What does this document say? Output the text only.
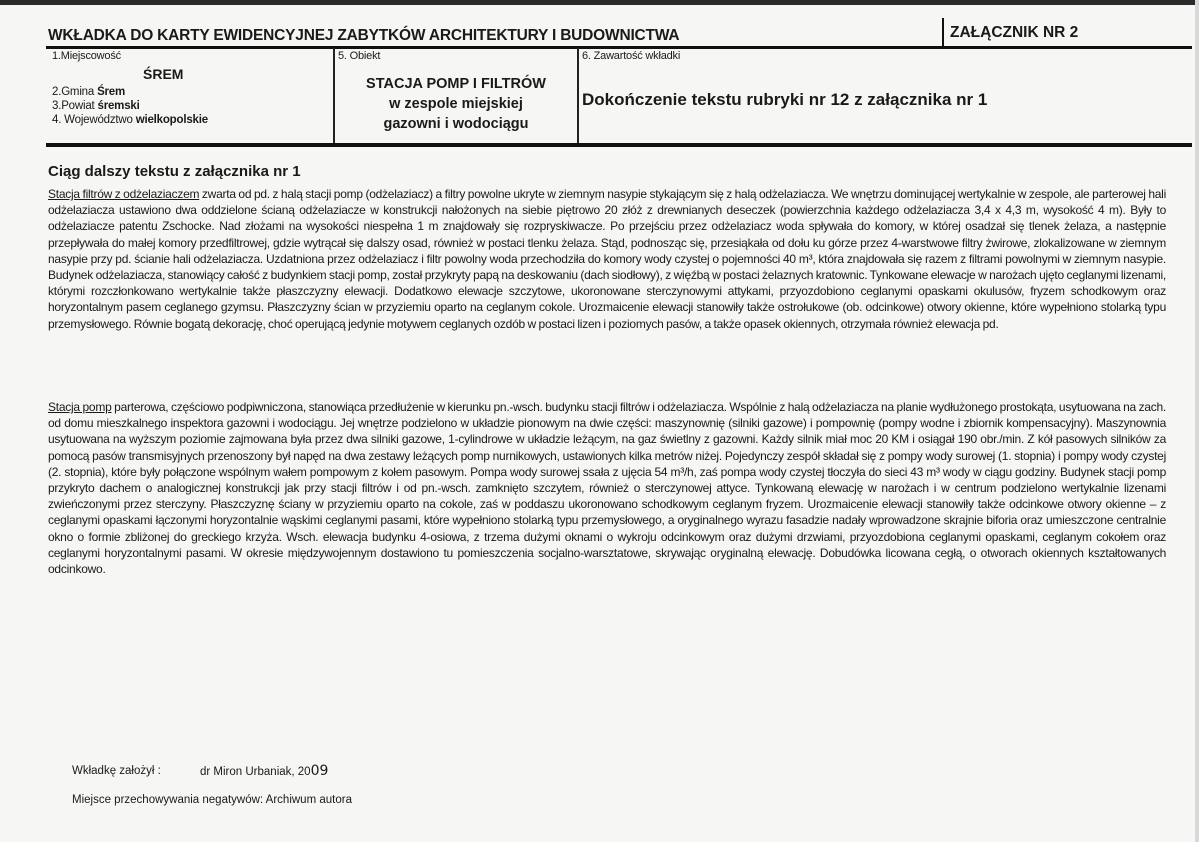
WKŁADKA DO KARTY EWIDENCYJNEJ ZABYTKÓW ARCHITEKTURY I BUDOWNICTWA	ZAŁĄCZNIK NR 2
1.Miejscowość
ŚREM
2.Gmina Śrem
3.Powiat śremski
4. Województwo wielkopolskie
5. Obiekt
STACJA POMP I FILTRÓW
w zespole miejskiej
gazowni i wodociągu
6. Zawartość wkładki
Dokończenie tekstu rubryki nr 12 z załącznika nr 1
Ciąg dalszy tekstu z załącznika nr 1

Stacja filtrów z odżelaziaczem zwarta od pd. z halą stacji pomp (odżelaziacz) a filtry powolne ukryte w ziemnym nasypie stykającym się z halą odżelaziacza. We wnętrzu dominującej wertykalnie w zespole, ale parterowej hali odżelaziacza ustawiono dwa oddzielone ścianą odżelaziacze w konstrukcji nałożonych na siebie piętrowo 20 złóż z drewnianych deseczek (powierzchnia każdego odżelaziacza 3,4 x 4,3 m, wysokość 4 m). Były to odżelaziacze patentu Zschocke. Nad złożami na wysokości niespełna 1 m znajdowały się rozpryskiwacze. Po przejściu przez odżelaziacz woda spływała do komory, w której osadzał się tlenek żelaza, a następnie przepływała do małej komory przedfiltrowej, gdzie wytrącał się dalszy osad, również w postaci tlenku żelaza. Stąd, podnosząc się, przesiąkała od dołu ku górze przez 4-warstwowe filtry żwirowe, zlokalizowane w ziemnym nasypie przy pd. ścianie hali odżelaziacza. Uzdatniona przez odżelaziacz i filtr powolny woda przechodziła do komory wody czystej o pojemności 40 m³, która znajdowała się razem z filtrami powolnymi w ziemnym nasypie. Budynek odżelaziacza, stanowiący całość z budynkiem stacji pomp, został przykryty papą na deskowaniu (dach siodłowy), z więźbą w postaci żelaznych kratownic. Tynkowane elewacje w narożach ujęto ceglanymi lizenami, którymi rozczłonkowano wertykalnie także płaszczyzny elewacji. Dodatkowo elewacje szczytowe, ukoronowane sterczynowymi attykami, przyozdobiono ceglanymi opaskami okulusów, fryzem schodkowym oraz horyzontalnym pasem ceglanego gzymsu. Płaszczyzny ścian w przyziemiu oparto na ceglanym cokole. Urozmaicenie elewacji stanowiły także ostrołukowe (ob. odcinkowe) otwory okienne, które wypełniono stolarką typu przemysłowego. Równie bogatą dekorację, choć operującą jedynie motywem ceglanych ozdób w postaci lizen i poziomych pasów, a także opasek okiennych, otrzymała również elewacja pd.

Stacja pomp parterowa, częściowo podpiwniczona, stanowiąca przedłużenie w kierunku pn.-wsch. budynku stacji filtrów i odżelaziacza. Wspólnie z halą odżelaziacza na planie wydłużonego prostokąta, usytuowana na zach. od domu mieszkalnego inspektora gazowni i wodociągu. Jej wnętrze podzielono w układzie pionowym na dwie części: maszynownię (silniki gazowe) i pompownię (pompy wodne i zbiornik kompensacyjny). Maszynownia usytuowana na wyższym poziomie zajmowana była przez dwa silniki gazowe, 1-cylindrowe w układzie leżącym, na gaz świetlny z gazowni. Każdy silnik miał moc 20 KM i osiągał 190 obr./min. Z kół pasowych silników za pomocą pasów transmisyjnych przenoszony był napęd na dwa zestawy leżących pomp nurnikowych, ustawionych kilka metrów niżej. Pojedynczy zespół składał się z pompy wody surowej (1. stopnia) i pompy wody czystej (2. stopnia), które były połączone wspólnym wałem pompowym z kołem pasowym. Pompa wody surowej ssała z ujęcia 54 m³/h, zaś pompa wody czystej tłoczyła do sieci 43 m³ wody w ciągu godziny. Budynek stacji pomp przykryto dachem o analogicznej konstrukcji jak przy stacji filtrów i od pn.-wsch. zamknięto szczytem, również o sterczynowej attyce. Tynkowaną elewację w narożach i w centrum podzielono wertykalnie lizenami zwieńczonymi przez sterczyny. Płaszczyznę ściany w przyziemiu oparto na cokole, zaś w poddaszu ukoronowano schodkowym ceglanym fryzem. Urozmaicenie elewacji stanowiły także odcinkowe otwory okienne – z ceglanymi opaskami łączonymi horyzontalnie wąskimi ceglanymi pasami, które wypełniono stolarką typu przemysłowego, a oryginalnego wyrazu fasadzie nadały wprowadzone skrajnie biforia oraz umieszczone centralnie okno o formie zbliżonej do greckiego krzyża. Wsch. elewacja budynku 4-osiowa, z trzema dużymi oknami o wykroju odcinkowym oraz dużymi drzwiami, przyozdobiona ceglanymi opaskami, ceglanym cokołem oraz ceglanymi horyzontalnymi pasami. W okresie międzywojennym dostawiono tu pomieszczenia socjalno-warsztatowe, skrywając oryginalną elewację. Dobudówka licowana cegłą, o otworach okiennych kształtowanych odcinkowo.

Wkładkę założył :	dr Miron Urbaniak, 2009
Miejsce przechowywania negatywów: Archiwum autora
